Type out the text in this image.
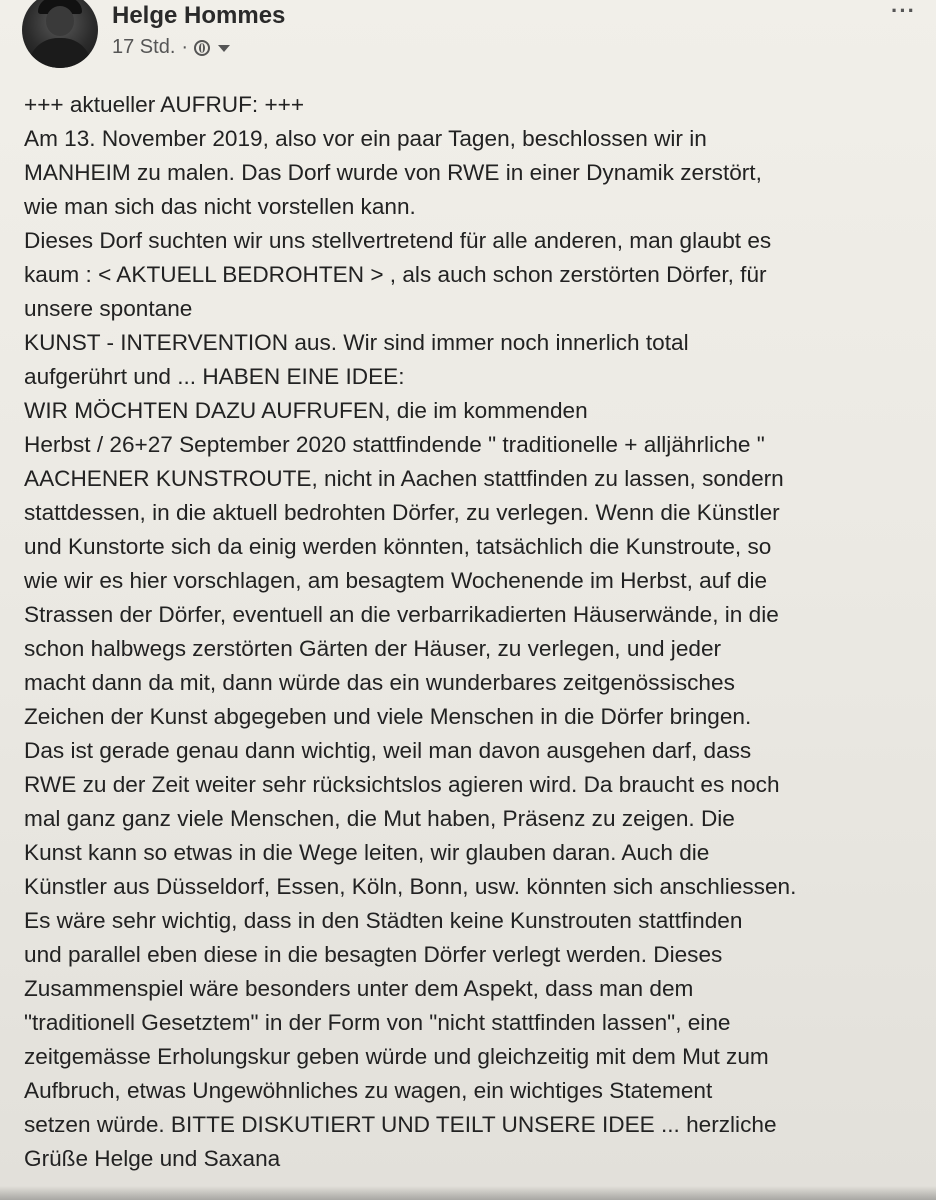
Helge Hommes
17 Std. ·
···
+++ aktueller AUFRUF: +++
Am 13. November 2019, also vor ein paar Tagen, beschlossen wir in
MANHEIM zu malen. Das Dorf wurde von RWE in einer Dynamik zerstört,
wie man sich das nicht vorstellen kann.
Dieses Dorf suchten wir uns stellvertretend für alle anderen, man glaubt es
kaum : < AKTUELL BEDROHTEN > , als auch schon zerstörten Dörfer, für
unsere spontane
KUNST - INTERVENTION aus. Wir sind immer noch innerlich total
aufgerührt und ... HABEN EINE IDEE:
WIR MÖCHTEN DAZU AUFRUFEN, die im kommenden
Herbst / 26+27 September 2020 stattfindende " traditionelle + alljährliche "
AACHENER KUNSTROUTE, nicht in Aachen stattfinden zu lassen, sondern
stattdessen, in die aktuell bedrohten Dörfer, zu verlegen. Wenn die Künstler
und Kunstorte sich da einig werden könnten, tatsächlich die Kunstroute, so
wie wir es hier vorschlagen, am besagtem Wochenende im Herbst, auf die
Strassen der Dörfer, eventuell an die verbarrikadierten Häuserwände, in die
schon halbwegs zerstörten Gärten der Häuser, zu verlegen, und jeder
macht dann da mit, dann würde das ein wunderbares zeitgenössisches
Zeichen der Kunst abgegeben und viele Menschen in die Dörfer bringen.
Das ist gerade genau dann wichtig, weil man davon ausgehen darf, dass
RWE zu der Zeit weiter sehr rücksichtslos agieren wird. Da braucht es noch
mal ganz ganz viele Menschen, die Mut haben, Präsenz zu zeigen. Die
Kunst kann so etwas in die Wege leiten, wir glauben daran. Auch die
Künstler aus Düsseldorf, Essen, Köln, Bonn, usw. könnten sich anschliessen.
Es wäre sehr wichtig, dass in den Städten keine Kunstrouten stattfinden
und parallel eben diese in die besagten Dörfer verlegt werden. Dieses
Zusammenspiel wäre besonders unter dem Aspekt, dass man dem
"traditionell Gesetztem" in der Form von "nicht stattfinden lassen", eine
zeitgemässe Erholungskur geben würde und gleichzeitig mit dem Mut zum
Aufbruch, etwas Ungewöhnliches zu wagen, ein wichtiges Statement
setzen würde. BITTE DISKUTIERT UND TEILT UNSERE IDEE ... herzliche
Grüße Helge und Saxana
